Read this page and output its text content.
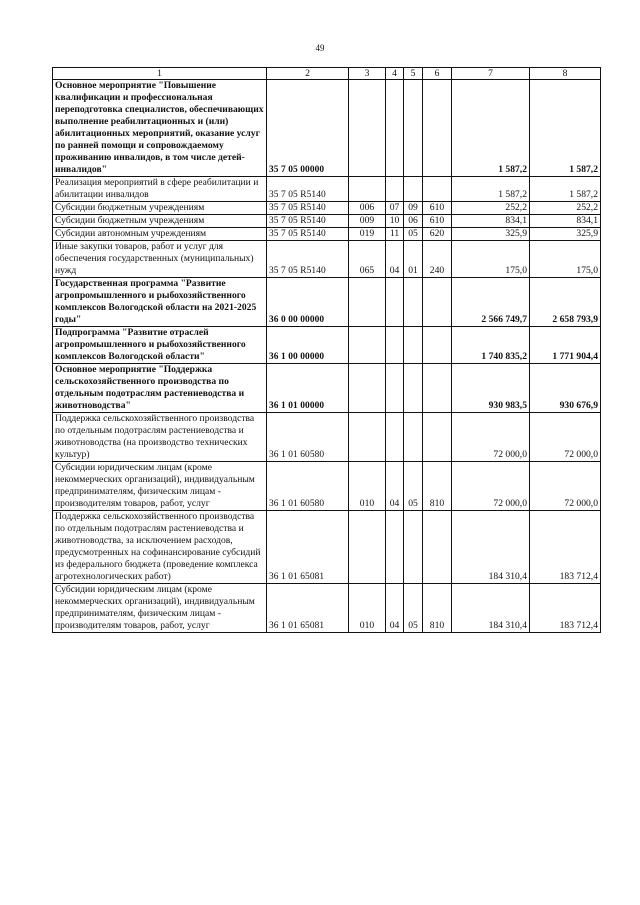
49
1	2	3	4	5	6	7	8
Основное мероприятие "Повышение квалификации и профессиональная переподготовка специалистов, обеспечивающих выполнение реабилитационных и (или) абилитационных мероприятий, оказание услуг по ранней помощи и сопровождаемому проживанию инвалидов, в том числе детей-инвалидов"	35 7 05 00000					1 587,2	1 587,2
Реализация мероприятий в сфере реабилитации и абилитации инвалидов	35 7 05 R5140					1 587,2	1 587,2
Субсидии бюджетным учреждениям	35 7 05 R5140	006	07	09	610	252,2	252,2
Субсидии бюджетным учреждениям	35 7 05 R5140	009	10	06	610	834,1	834,1
Субсидии автономным учреждениям	35 7 05 R5140	019	11	05	620	325,9	325,9
Иные закупки товаров, работ и услуг для обеспечения государственных (муниципальных) нужд	35 7 05 R5140	065	04	01	240	175,0	175,0
Государственная программа "Развитие агропромышленного и рыбохозяйственного комплексов Вологодской области на 2021-2025 годы"	36 0 00 00000					2 566 749,7	2 658 793,9
Подпрограмма "Развитие отраслей агропромышленного и рыбохозяйственного комплексов Вологодской области"	36 1 00 00000					1 740 835,2	1 771 904,4
Основное мероприятие "Поддержка сельскохозяйственного производства по отдельным подотраслям растениеводства и животноводства"	36 1 01 00000					930 983,5	930 676,9
Поддержка сельскохозяйственного производства по отдельным подотраслям растениеводства и животноводства (на производство технических культур)	36 1 01 60580					72 000,0	72 000,0
Субсидии юридическим лицам (кроме некоммерческих организаций), индивидуальным предпринимателям, физическим лицам - производителям товаров, работ, услуг	36 1 01 60580	010	04	05	810	72 000,0	72 000,0
Поддержка сельскохозяйственного производства по отдельным подотраслям растениеводства и животноводства, за исключением расходов, предусмотренных на софинансирование субсидий из федерального бюджета (проведение комплекса агротехнологических работ)	36 1 01 65081					184 310,4	183 712,4
Субсидии юридическим лицам (кроме некоммерческих организаций), индивидуальным предпринимателям, физическим лицам - производителям товаров, работ, услуг	36 1 01 65081	010	04	05	810	184 310,4	183 712,4
